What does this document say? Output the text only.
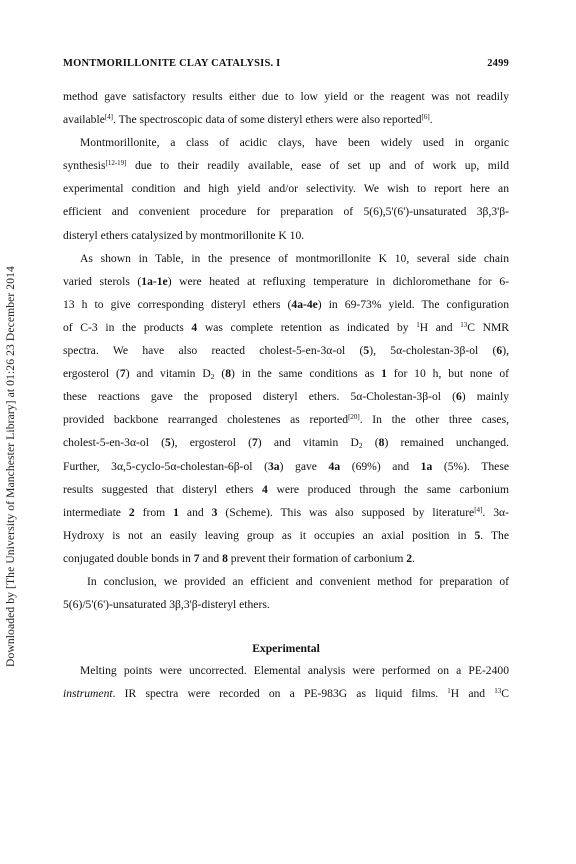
Downloaded by [The University of Manchester Library] at 01:26 23 December 2014
MONTMORILLONITE CLAY CATALYSIS. I	2499

method gave satisfactory results either due to low yield or the reagent was not readily
available[4]. The spectroscopic data of some disteryl ethers were also reported[6].

Montmorillonite, a class of acidic clays, have been widely used in organic
synthesis[12-19] due to their readily available, ease of set up and of work up, mild
experimental condition and high yield and/or selectivity. We wish to report here an
efficient and convenient procedure for preparation of 5(6),5'(6')-unsaturated 3β,3'β-
disteryl ethers catalysized by montmorillonite K 10.

As shown in Table, in the presence of montmorillonite K 10, several side chain
varied sterols (1a-1e) were heated at refluxing temperature in dichloromethane for 6-
13 h to give corresponding disteryl ethers (4a-4e) in 69-73% yield. The configuration
of C-3 in the products 4 was complete retention as indicated by $^1$H and $^{13}$C NMR
spectra. We have also reacted cholest-5-en-3α-ol (5), 5α-cholestan-3β-ol (6),
ergosterol (7) and vitamin $D_2$ (8) in the same conditions as 1 for 10 h, but none of
these reactions gave the proposed disteryl ethers. 5α-Cholestan-3β-ol (6) mainly
provided backbone rearranged cholestenes as reported[20]. In the other three cases,
cholest-5-en-3α-ol (5), ergosterol (7) and vitamin $D_2$ (8) remained unchanged.
Further, 3α,5-cyclo-5α-cholestan-6β-ol (3a) gave 4a (69%) and 1a (5%). These
results suggested that disteryl ethers 4 were produced through the same carbonium
intermediate 2 from 1 and 3 (Scheme). This was also supposed by literature[4]. 3α-
Hydroxy is not an easily leaving group as it occupies an axial position in 5. The
conjugated double bonds in 7 and 8 prevent their formation of carbonium 2.

In conclusion, we provided an efficient and convenient method for preparation of
5(6)/5'(6')-unsaturated 3β,3'β-disteryl ethers.

Experimental

Melting points were uncorrected. Elemental analysis were performed on a PE-2400
instrument. IR spectra were recorded on a PE-983G as liquid films. $^1$H and $^{13}$C
